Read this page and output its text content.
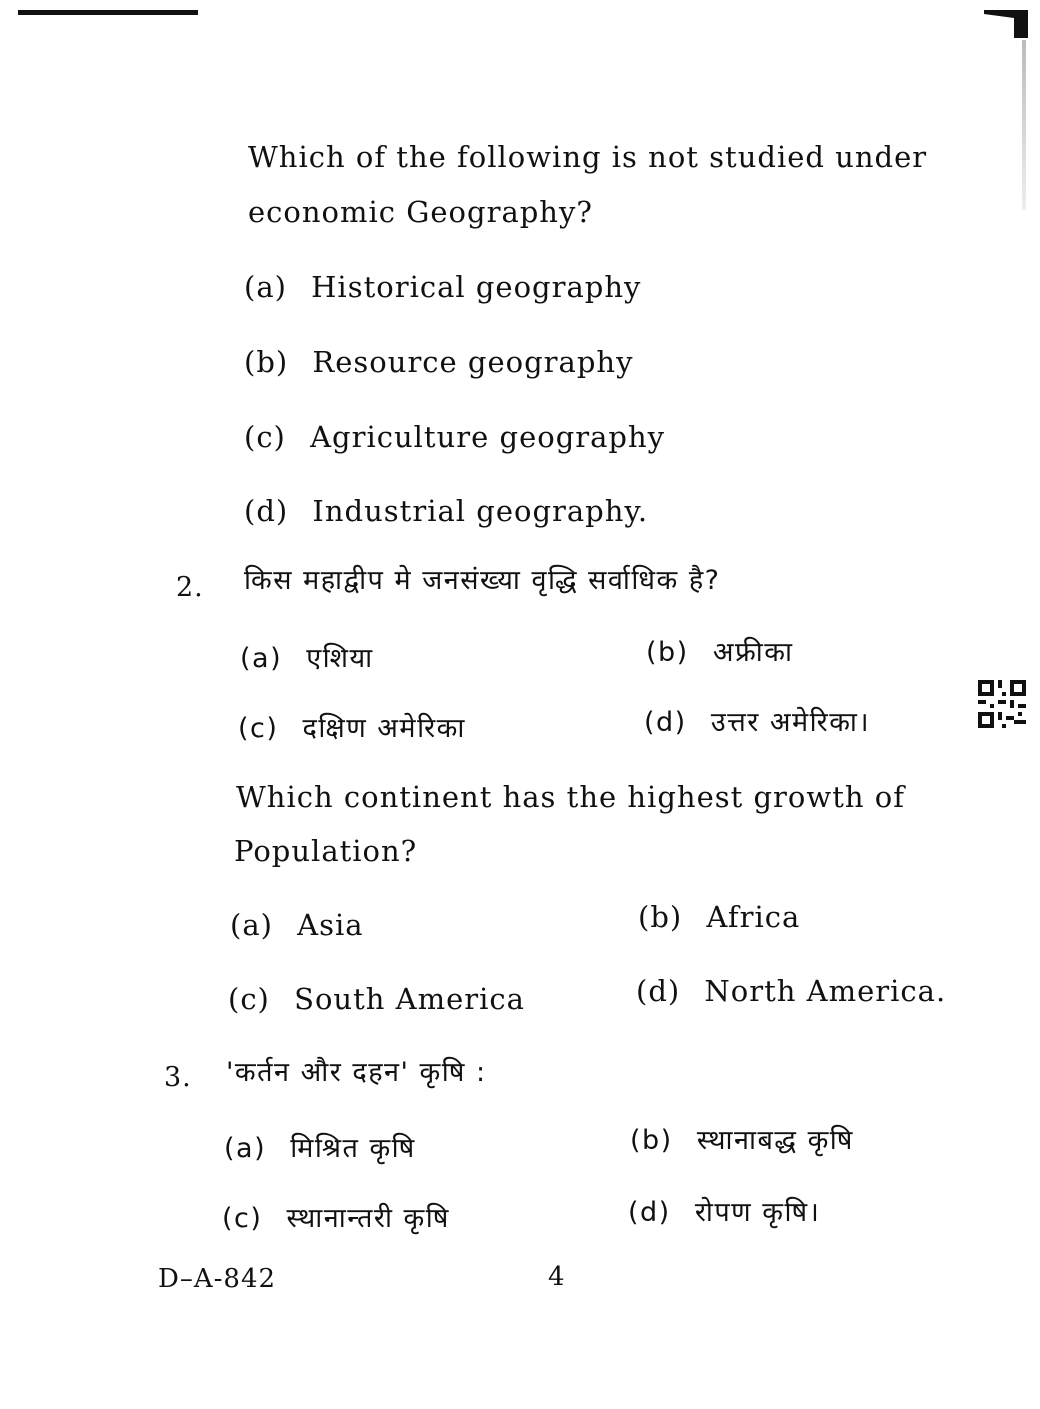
Which of the following is not studied under
economic Geography?
(a) Historical geography
(b) Resource geography
(c) Agriculture geography
(d) Industrial geography.
2. किस महाद्वीप मे जनसंख्या वृद्धि सर्वाधिक है?
(a) एशिया	(b) अफ्रीका
(c) दक्षिण अमेरिका	(d) उत्तर अमेरिका।
Which continent has the highest growth of
Population?
(a) Asia	(b) Africa
(c) South America	(d) North America.
3. 'कर्तन और दहन' कृषि :
(a) मिश्रित कृषि	(b) स्थानाबद्ध कृषि
(c) स्थानान्तरी कृषि	(d) रोपण कृषि।
D–A-842	4
